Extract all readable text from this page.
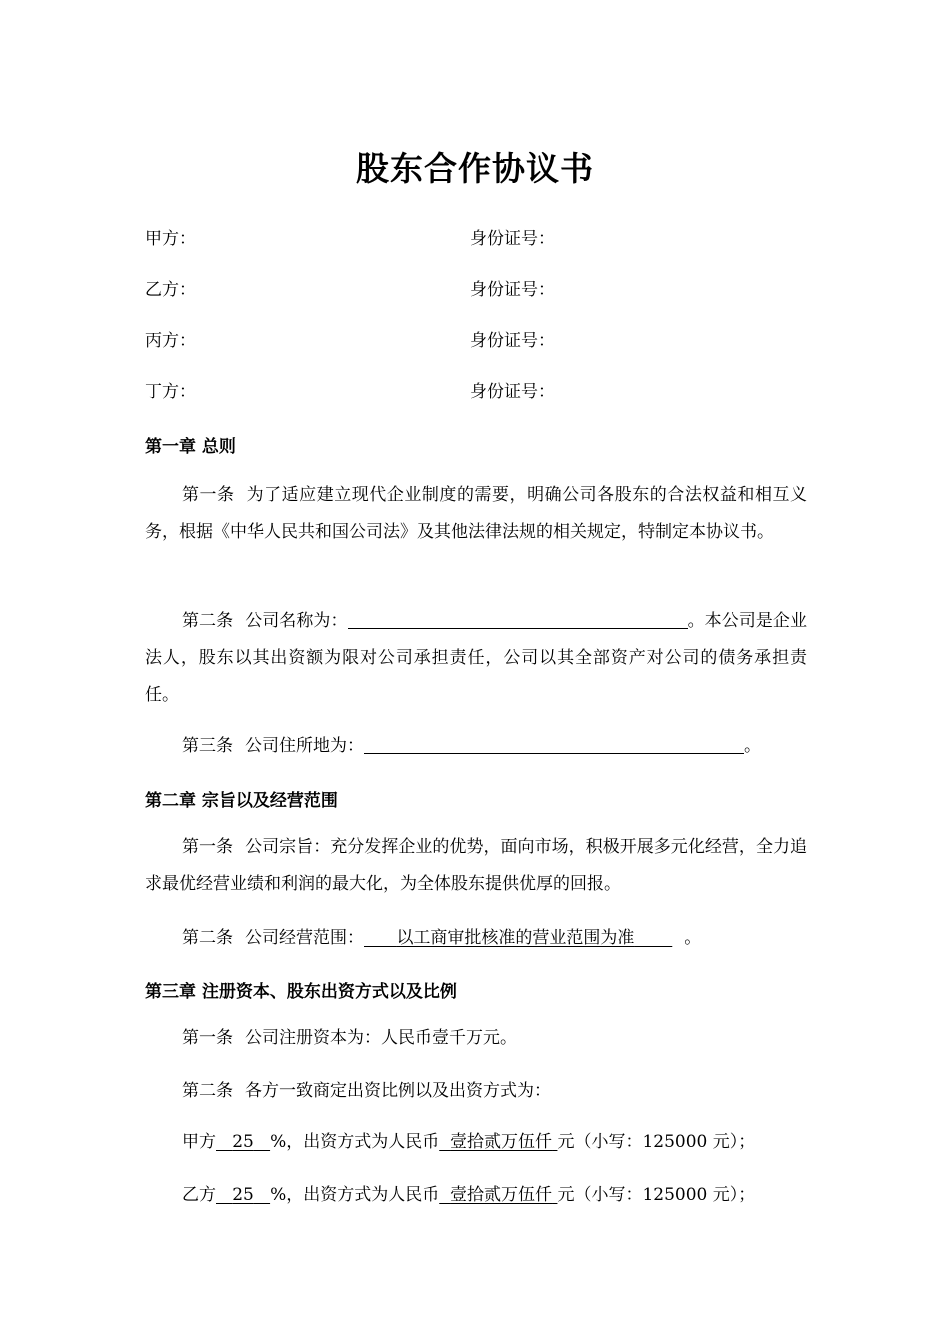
股东合作协议书
甲方：	身份证号：
乙方：	身份证号：
丙方：	身份证号：
丁方：	身份证号：
第一章 总则
第一条 为了适应建立现代企业制度的需要，明确公司各股东的合法权益和相互义务，根据《中华人民共和国公司法》及其他法律法规的相关规定，特制定本协议书。
第二条 公司名称为：	。本公司是企业法人，股东以其出资额为限对公司承担责任，公司以其全部资产对公司的债务承担责任。
第三条 公司住所地为：	。
第二章 宗旨以及经营范围
第一条 公司宗旨：充分发挥企业的优势，面向市场，积极开展多元化经营，全力追求最优经营业绩和利润的最大化，为全体股东提供优厚的回报。
第二条 公司经营范围： 以工商审批核准的营业范围为准	。
第三章 注册资本、股东出资方式以及比例
第一条 公司注册资本为：人民币壹千万元。
第二条 各方一致商定出资比例以及出资方式为：
甲方 25 %，出资方式为人民币 壹拾贰万伍仟 元（小写：125000 元）；
乙方 25 %，出资方式为人民币 壹拾贰万伍仟 元（小写：125000 元）；
